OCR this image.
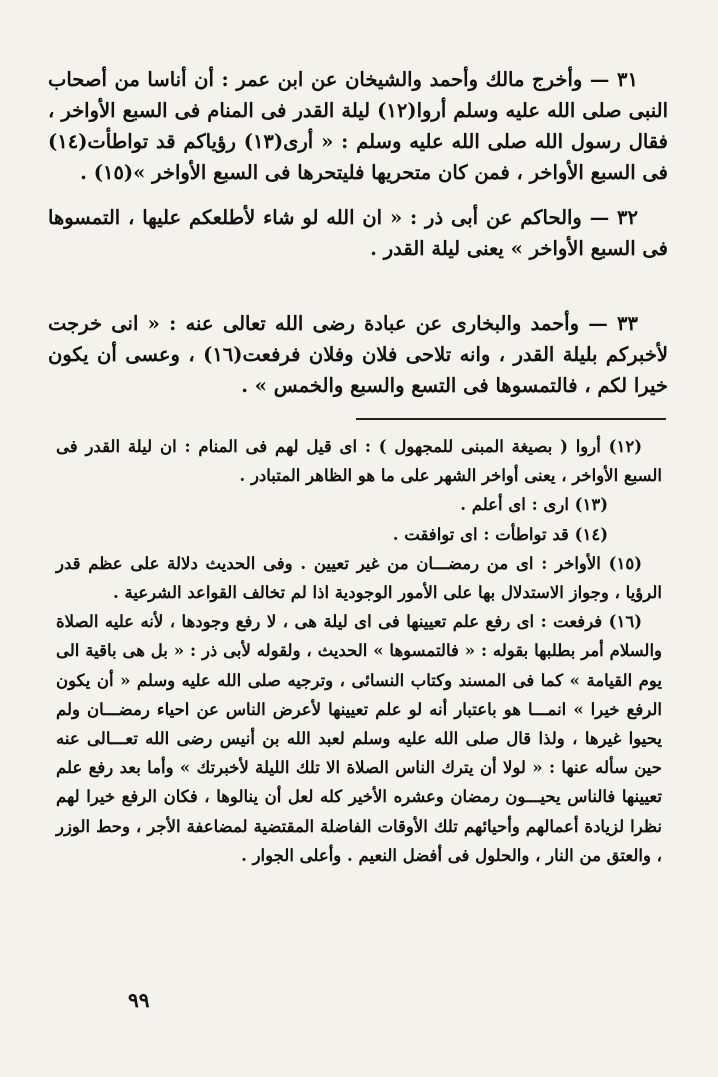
٣١ — وأخرج مالك وأحمد والشيخان عن ابن عمر : أن أناسا من أصحاب النبى صلى الله عليه وسلم أروا(١٢) ليلة القدر فى المنام فى السبع الأواخر ، فقال رسول الله صلى الله عليه وسلم : « أرى(١٣) رؤياكم قد تواطأت(١٤) فى السبع الأواخر ، فمن كان متحريها فليتحرها فى السبع الأواخر »(١٥) .

٣٢ — والحاكم عن أبى ذر : « ان الله لو شاء لأطلعكم عليها ، التمسوها فى السبع الأواخر » يعنى ليلة القدر .

٣٣ — وأحمد والبخارى عن عبادة رضى الله تعالى عنه : « انى خرجت لأخبركم بليلة القدر ، وانه تلاحى فلان وفلان فرفعت(١٦) ، وعسى أن يكون خيرا لكم ، فالتمسوها فى التسع والسبع والخمس » .

(١٢) أروا ( بصيغة المبنى للمجهول ) : اى قيل لهم فى المنام : ان ليلة القدر فى السبع الأواخر ، يعنى أواخر الشهر على ما هو الظاهر المتبادر .

(١٣) ارى : اى أعلم .

(١٤) قد تواطأت : اى توافقت .

(١٥) الأواخر : اى من رمضـــان من غير تعيين . وفى الحديث دلالة على عظم قدر الرؤيا ، وجواز الاستدلال بها على الأمور الوجودية اذا لم تخالف القواعد الشرعية .

(١٦) فرفعت : اى رفع علم تعيينها فى اى ليلة هى ، لا رفع وجودها ، لأنه عليه الصلاة والسلام أمر بطلبها بقوله : « فالتمسوها » الحديث ، ولقوله لأبى ذر : « بل هى باقية الى يوم القيامة » كما فى المسند وكتاب النسائى ، وترجيه صلى الله عليه وسلم « أن يكون الرفع خيرا » انمـــا هو باعتبار أنه لو علم تعيينها لأعرض الناس عن احياء رمضـــان ولم يحيوا غيرها ، ولذا قال صلى الله عليه وسلم لعبد الله بن أنيس رضى الله تعـــالى عنه حين سأله عنها : « لولا أن يترك الناس الصلاة الا تلك الليلة لأخبرتك » وأما بعد رفع علم تعيينها فالناس يحيـــون رمضان وعشره الأخير كله لعل أن ينالوها ، فكان الرفع خيرا لهم نظرا لزيادة أعمالهم وأحيائهم تلك الأوقات الفاضلة المقتضية لمضاعفة الأجر ، وحط الوزر ، والعتق من النار ، والحلول فى أفضل النعيم . وأعلى الجوار .

٩٩
